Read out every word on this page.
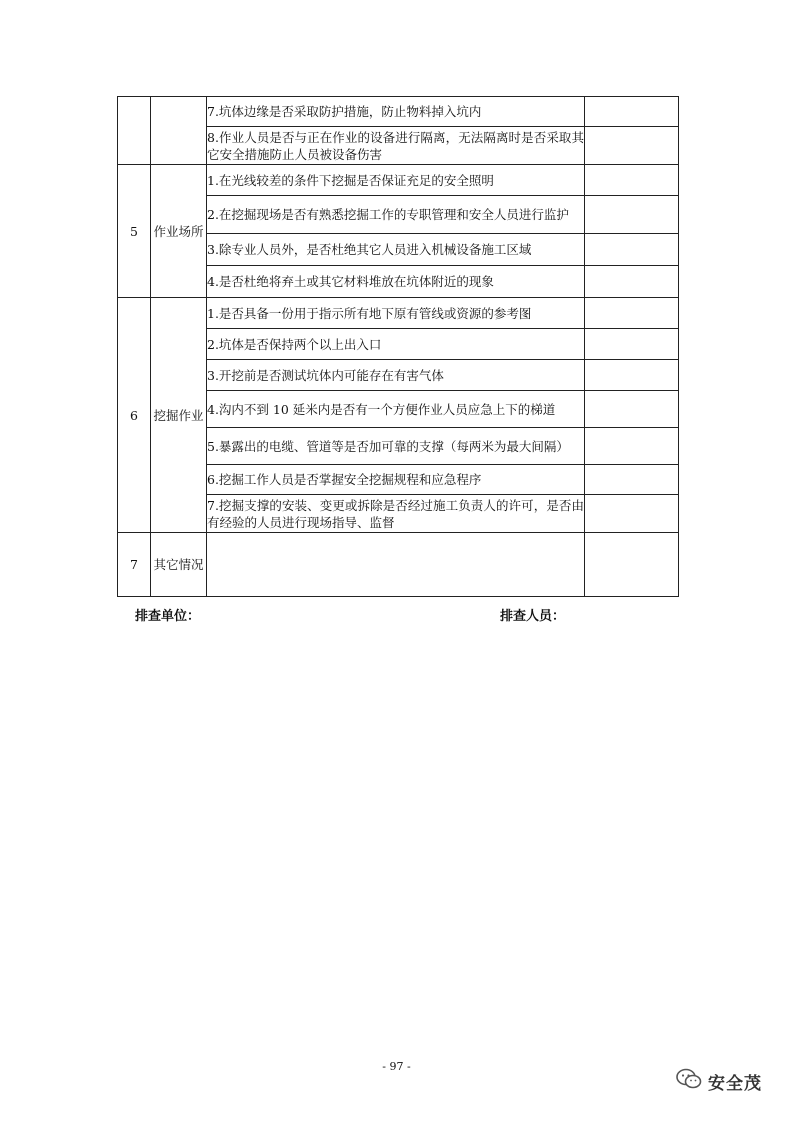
		7.坑体边缘是否采取防护措施，防止物料掉入坑内	
		8.作业人员是否与正在作业的设备进行隔离，无法隔离时是否采取其它安全措施防止人员被设备伤害	
5	作业场所	1.在光线较差的条件下挖掘是否保证充足的安全照明	
		2.在挖掘现场是否有熟悉挖掘工作的专职管理和安全人员进行监护	
		3.除专业人员外，是否杜绝其它人员进入机械设备施工区域	
		4.是否杜绝将弃土或其它材料堆放在坑体附近的现象	
6	挖掘作业	1.是否具备一份用于指示所有地下原有管线或资源的参考图	
		2.坑体是否保持两个以上出入口	
		3.开挖前是否测试坑体内可能存在有害气体	
		4.沟内不到 10 延米内是否有一个方便作业人员应急上下的梯道	
		5.暴露出的电缆、管道等是否加可靠的支撑（每两米为最大间隔）	
		6.挖掘工作人员是否掌握安全挖掘规程和应急程序	
		7.挖掘支撑的安装、变更或拆除是否经过施工负责人的许可，是否由有经验的人员进行现场指导、监督	
7	其它情况		
排查单位：	排查人员：
- 97 -
安全茂
